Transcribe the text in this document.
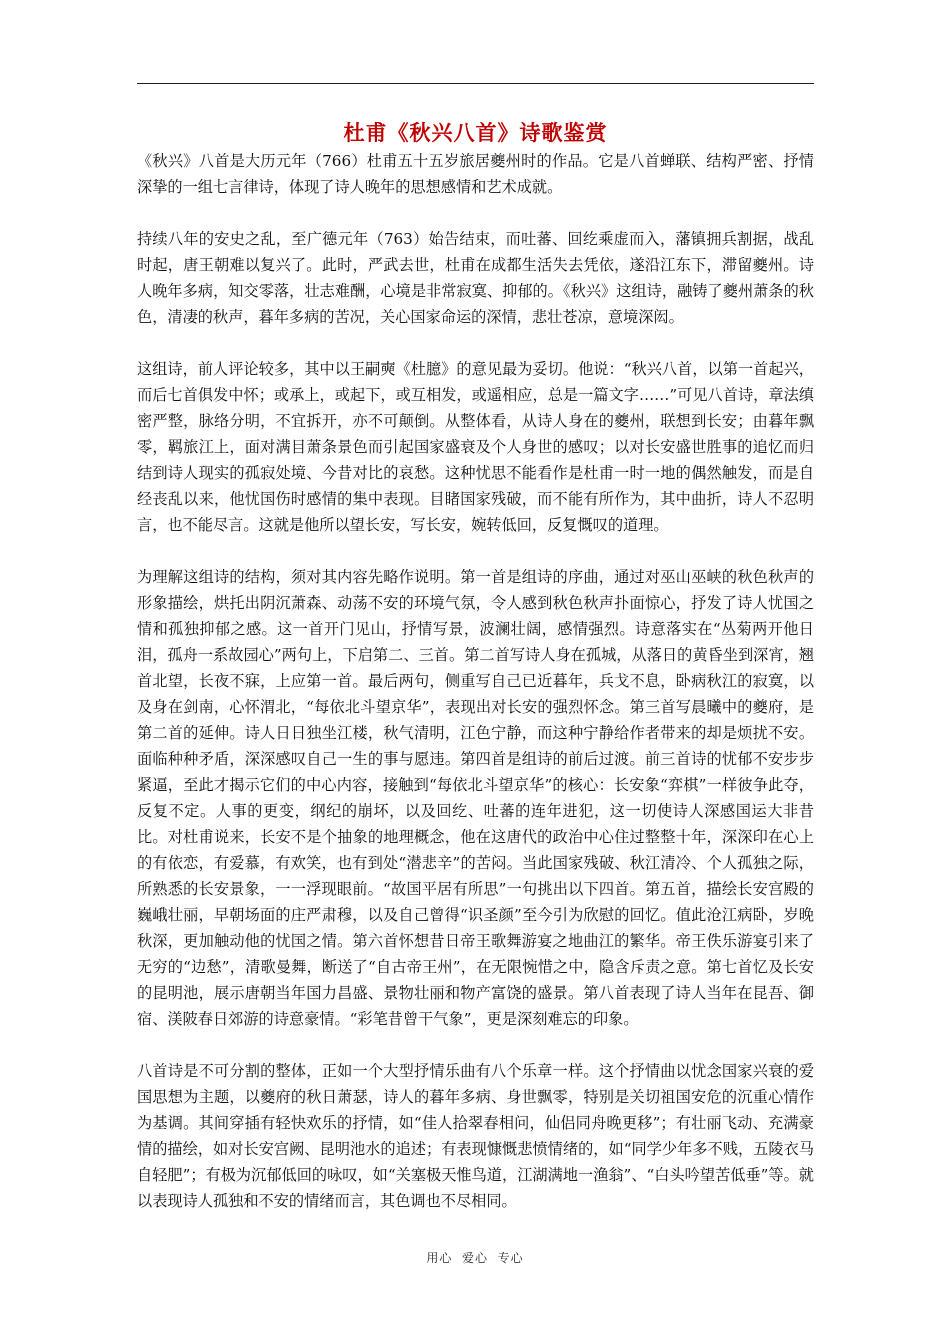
杜甫《秋兴八首》诗歌鉴赏

《秋兴》八首是大历元年（766）杜甫五十五岁旅居夔州时的作品。它是八首蝉联、结构严密、抒情深挚的一组七言律诗，体现了诗人晚年的思想感情和艺术成就。

持续八年的安史之乱，至广德元年（763）始告结束，而吐蕃、回纥乘虚而入，藩镇拥兵割据，战乱时起，唐王朝难以复兴了。此时，严武去世，杜甫在成都生活失去凭依，遂沿江东下，滞留夔州。诗人晚年多病，知交零落，壮志难酬，心境是非常寂寞、抑郁的。《秋兴》这组诗，融铸了夔州萧条的秋色，清凄的秋声，暮年多病的苦况，关心国家命运的深情，悲壮苍凉，意境深闳。

这组诗，前人评论较多，其中以王嗣奭《杜臆》的意见最为妥切。他说：“秋兴八首，以第一首起兴，而后七首俱发中怀；或承上，或起下，或互相发，或遥相应，总是一篇文字……”可见八首诗，章法缜密严整，脉络分明，不宜拆开，亦不可颠倒。从整体看，从诗人身在的夔州，联想到长安；由暮年飘零，羁旅江上，面对满目萧条景色而引起国家盛衰及个人身世的感叹；以对长安盛世胜事的追忆而归结到诗人现实的孤寂处境、今昔对比的哀愁。这种忧思不能看作是杜甫一时一地的偶然触发，而是自经丧乱以来，他忧国伤时感情的集中表现。目睹国家残破，而不能有所作为，其中曲折，诗人不忍明言，也不能尽言。这就是他所以望长安，写长安，婉转低回，反复慨叹的道理。

为理解这组诗的结构，须对其内容先略作说明。第一首是组诗的序曲，通过对巫山巫峡的秋色秋声的形象描绘，烘托出阴沉萧森、动荡不安的环境气氛，令人感到秋色秋声扑面惊心，抒发了诗人忧国之情和孤独抑郁之感。这一首开门见山，抒情写景，波澜壮阔，感情强烈。诗意落实在“丛菊两开他日泪，孤舟一系故园心”两句上，下启第二、三首。第二首写诗人身在孤城，从落日的黄昏坐到深宵，翘首北望，长夜不寐，上应第一首。最后两句，侧重写自己已近暮年，兵戈不息，卧病秋江的寂寞，以及身在剑南，心怀渭北，“每依北斗望京华”，表现出对长安的强烈怀念。第三首写晨曦中的夔府，是第二首的延伸。诗人日日独坐江楼，秋气清明，江色宁静，而这种宁静给作者带来的却是烦扰不安。面临种种矛盾，深深感叹自己一生的事与愿违。第四首是组诗的前后过渡。前三首诗的忧郁不安步步紧逼，至此才揭示它们的中心内容，接触到“每依北斗望京华”的核心：长安象“弈棋”一样彼争此夺，反复不定。人事的更变，纲纪的崩坏，以及回纥、吐蕃的连年进犯，这一切使诗人深感国运大非昔比。对杜甫说来，长安不是个抽象的地理概念，他在这唐代的政治中心住过整整十年，深深印在心上的有依恋，有爱慕，有欢笑，也有到处“潜悲辛”的苦闷。当此国家残破、秋江清冷、个人孤独之际，所熟悉的长安景象，一一浮现眼前。“故国平居有所思”一句挑出以下四首。第五首，描绘长安宫殿的巍峨壮丽，早朝场面的庄严肃穆，以及自己曾得“识圣颜”至今引为欣慰的回忆。值此沧江病卧，岁晚秋深，更加触动他的忧国之情。第六首怀想昔日帝王歌舞游宴之地曲江的繁华。帝王佚乐游宴引来了无穷的“边愁”，清歌曼舞，断送了“自古帝王州”，在无限惋惜之中，隐含斥责之意。第七首忆及长安的昆明池，展示唐朝当年国力昌盛、景物壮丽和物产富饶的盛景。第八首表现了诗人当年在昆吾、御宿、渼陂春日郊游的诗意豪情。“彩笔昔曾干气象”，更是深刻难忘的印象。

八首诗是不可分割的整体，正如一个大型抒情乐曲有八个乐章一样。这个抒情曲以忧念国家兴衰的爱国思想为主题，以夔府的秋日萧瑟，诗人的暮年多病、身世飘零，特别是关切祖国安危的沉重心情作为基调。其间穿插有轻快欢乐的抒情，如“佳人拾翠春相问，仙侣同舟晚更移”；有壮丽飞动、充满豪情的描绘，如对长安宫阙、昆明池水的追述；有表现慷慨悲愤情绪的，如“同学少年多不贱，五陵衣马自轻肥”；有极为沉郁低回的咏叹，如“关塞极天惟鸟道，江湖满地一渔翁”、“白头吟望苦低垂”等。就以表现诗人孤独和不安的情绪而言，其色调也不尽相同。

用心  爱心  专心
